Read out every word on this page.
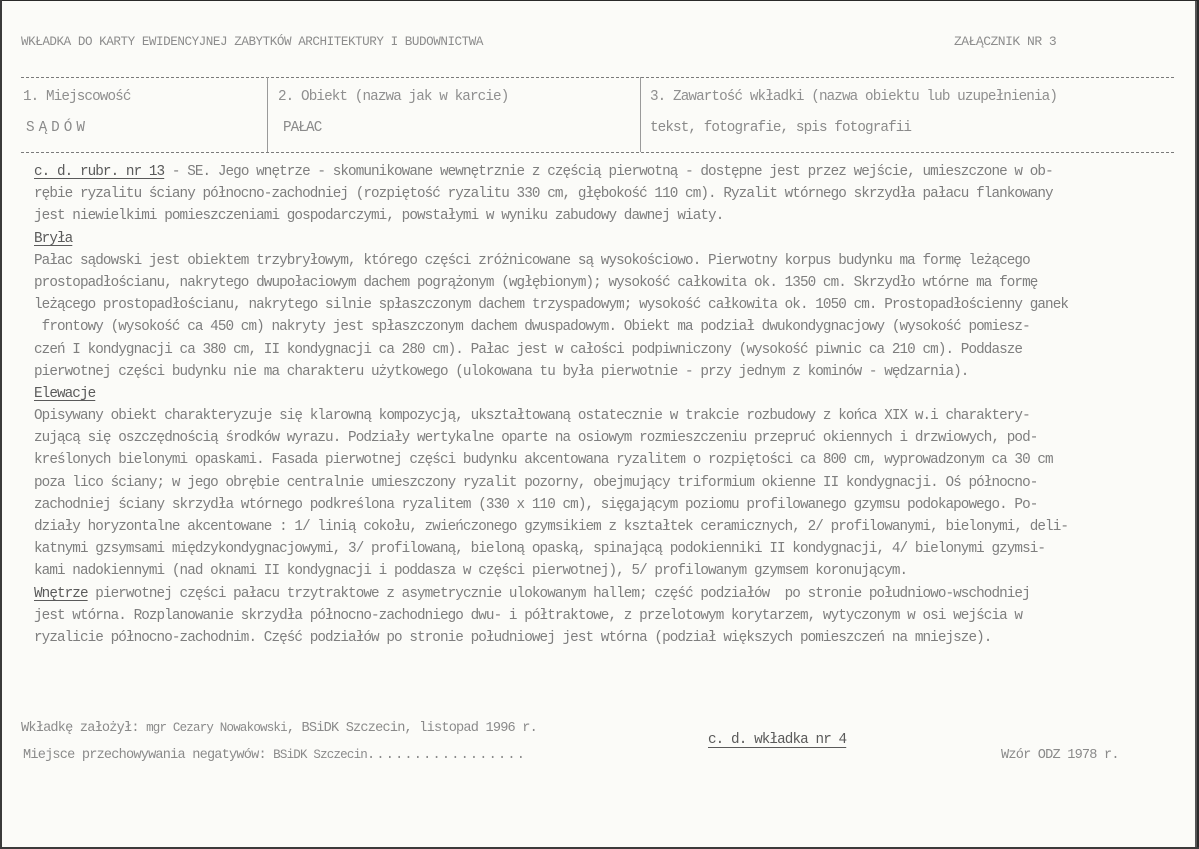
WKŁADKA DO KARTY EWIDENCYJNEJ ZABYTKÓW ARCHITEKTURY I BUDOWNICTWA	ZAŁĄCZNIK NR 3
1. Miejscowość
SĄDÓW
2. Obiekt (nazwa jak w karcie)
PAŁAC
3. Zawartość wkładki (nazwa obiektu lub uzupełnienia)
tekst, fotografie, spis fotografii
c. d. rubr. nr 13 - SE. Jego wnętrze - skomunikowane wewnętrznie z częścią pierwotną - dostępne jest przez wejście, umieszczone w ob-
rębie ryzalitu ściany północno-zachodniej (rozpiętość ryzalitu 330 cm, głębokość 110 cm). Ryzalit wtórnego skrzydła pałacu flankowany
jest niewielkimi pomieszczeniami gospodarczymi, powstałymi w wyniku zabudowy dawnej wiaty.
Bryła
Pałac sądowski jest obiektem trzybryłowym, którego części zróżnicowane są wysokościowo. Pierwotny korpus budynku ma formę leżącego
prostopadłościanu, nakrytego dwupołaciowym dachem pogrążonym (wgłębionym); wysokość całkowita ok. 1350 cm. Skrzydło wtórne ma formę
leżącego prostopadłościanu, nakrytego silnie spłaszczonym dachem trzyspadowym; wysokość całkowita ok. 1050 cm. Prostopadłościenny ganek
frontowy (wysokość ca 450 cm) nakryty jest spłaszczonym dachem dwuspadowym. Obiekt ma podział dwukondygnacjowy (wysokość pomiesz-
czeń I kondygnacji ca 380 cm, II kondygnacji ca 280 cm). Pałac jest w całości podpiwniczony (wysokość piwnic ca 210 cm). Poddasze
pierwotnej części budynku nie ma charakteru użytkowego (ulokowana tu była pierwotnie - przy jednym z kominów - wędzarnia).
Elewacje
Opisywany obiekt charakteryzuje się klarowną kompozycją, ukształtowaną ostatecznie w trakcie rozbudowy z końca XIX w.i charaktery-
zującą się oszczędnością środków wyrazu. Podziały wertykalne oparte na osiowym rozmieszczeniu przepruć okiennych i drzwiowych, pod-
kreślonych bielonymi opaskami. Fasada pierwotnej części budynku akcentowana ryzalitem o rozpiętości ca 800 cm, wyprowadzonym ca 30 cm
poza lico ściany; w jego obrębie centralnie umieszczony ryzalit pozorny, obejmujący triformium okienne II kondygnacji. Oś północno-
zachodniej ściany skrzydła wtórnego podkreślona ryzalitem (330 x 110 cm), sięgającym poziomu profilowanego gzymsu podokapowego. Po-
działy horyzontalne akcentowane : 1/ linią cokołu, zwieńczonego gzymsikiem z kształtek ceramicznych, 2/ profilowanymi, bielonymi, deli-
katnymi gzsymsami międzykondygnacjowymi, 3/ profilowaną, bieloną opaską, spinającą podokienniki II kondygnacji, 4/ bielonymi gzymsi-
kami nadokiennymi (nad oknami II kondygnacji i poddasza w części pierwotnej), 5/ profilowanym gzymsem koronującym.
Wnętrze pierwotnej części pałacu trzytraktowe z asymetrycznie ulokowanym hallem; część podziałów  po stronie południowo-wschodniej
jest wtórna. Rozplanowanie skrzydła północno-zachodniego dwu- i półtraktowe, z przelotowym korytarzem, wytyczonym w osi wejścia w
ryzalicie północno-zachodnim. Część podziałów po stronie południowej jest wtórna (podział większych pomieszczeń na mniejsze).
Wkładkę założył: mgr Cezary Nowakowski, BSiDK Szczecin, listopad 1996 r.
c. d. wkładka nr 4
Miejsce przechowywania negatywów: BSiDK Szczecin.................	Wzór ODZ 1978 r.
